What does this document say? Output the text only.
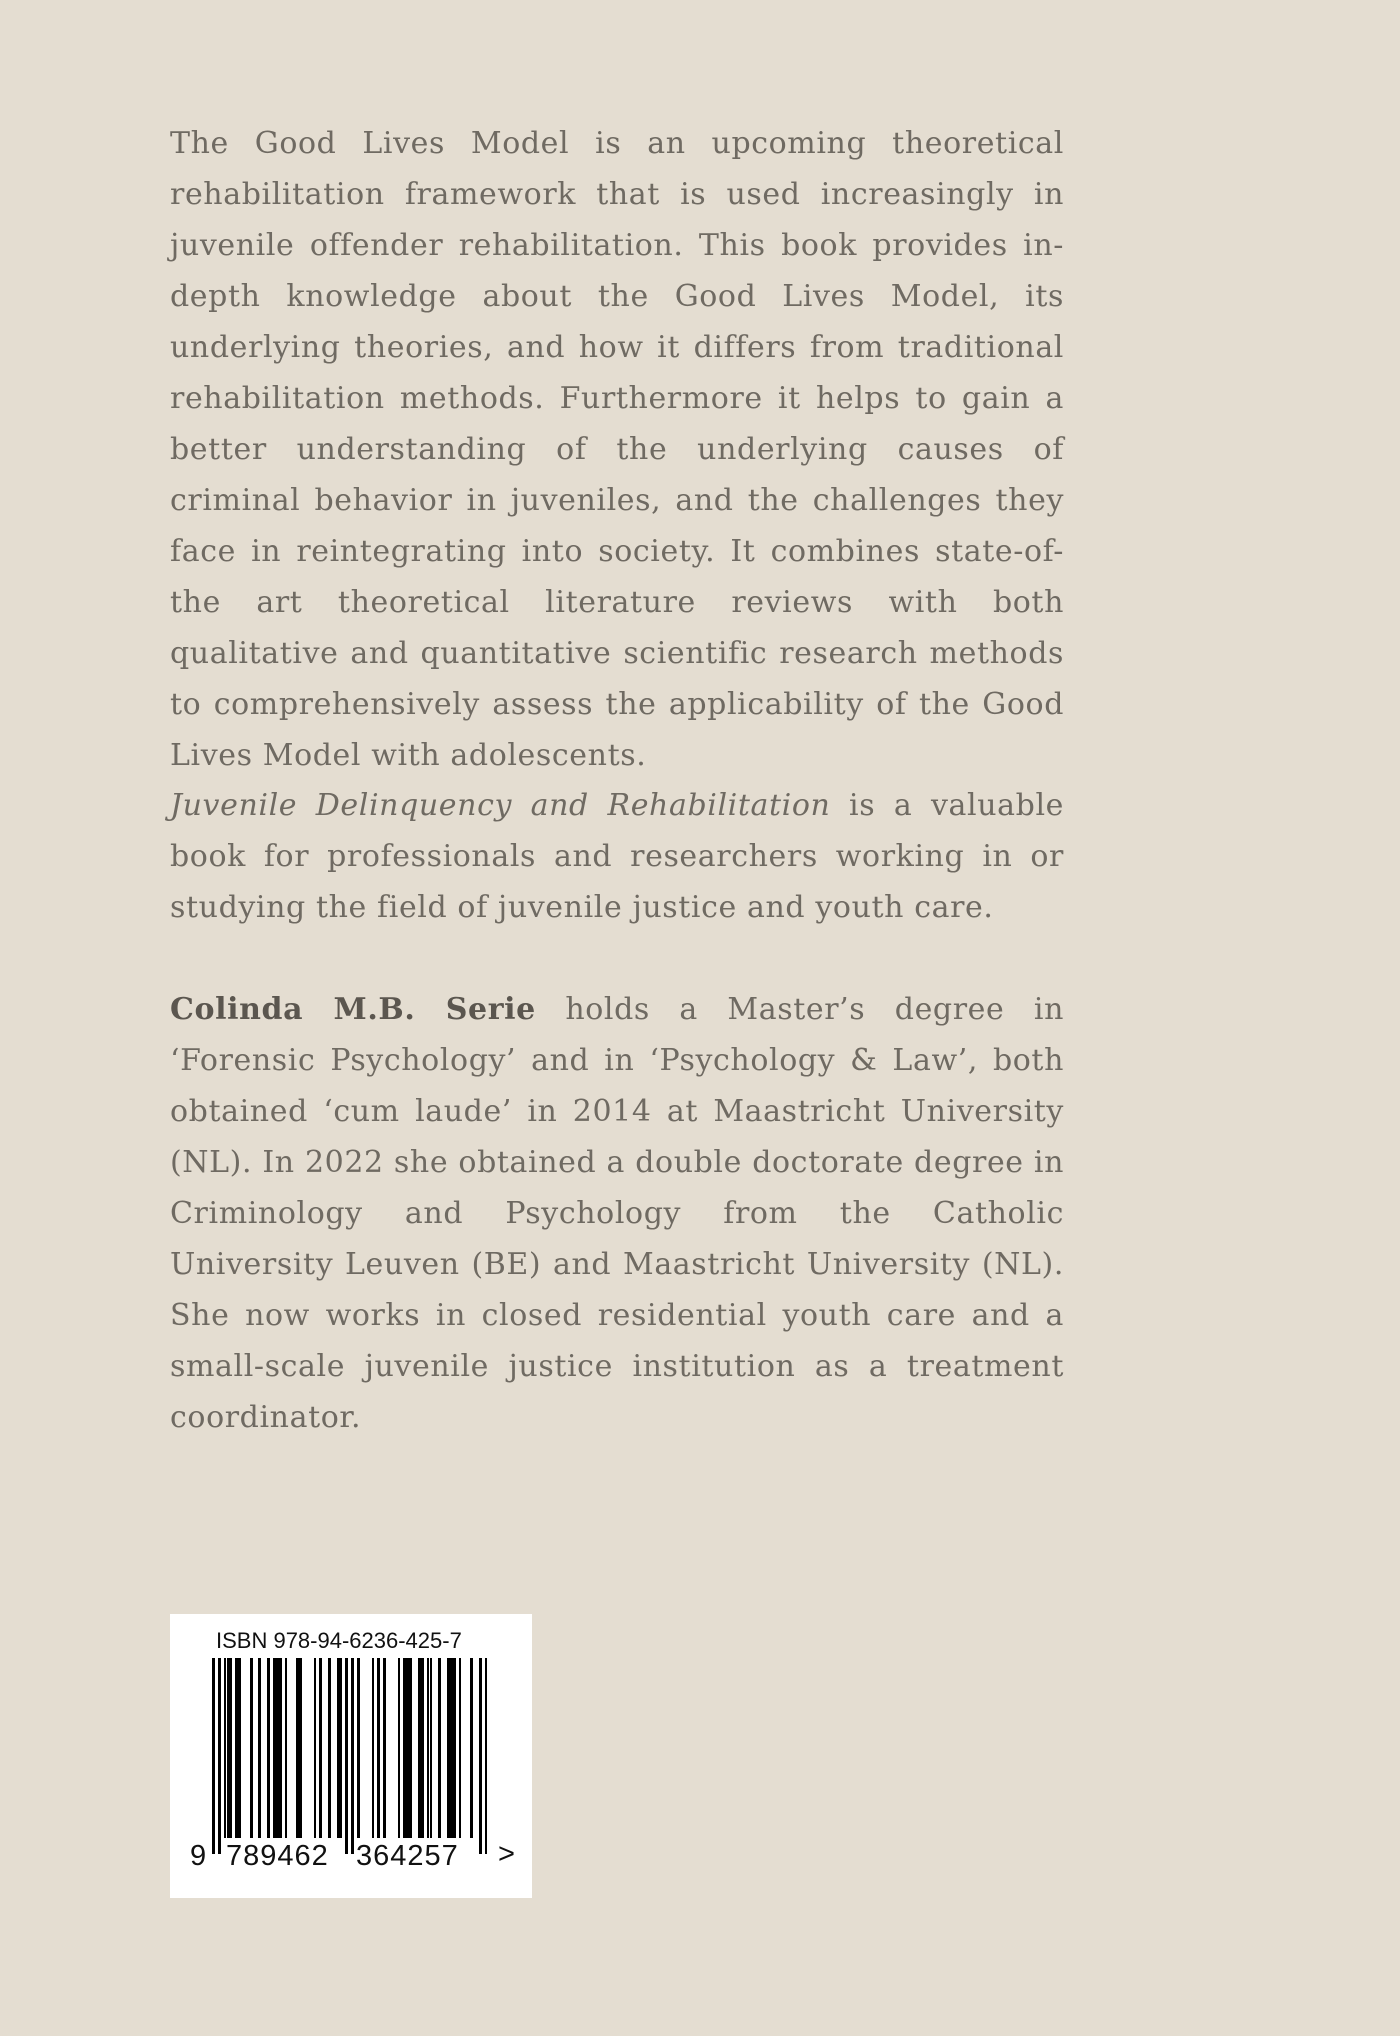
The Good Lives Model is an upcoming theoretical rehabilitation framework that is used increasingly in juvenile offender rehabilitation. This book provides in-depth knowledge about the Good Lives Model, its underlying theories, and how it differs from traditional rehabilitation methods. Furthermore it helps to gain a better understanding of the underlying causes of criminal behavior in juveniles, and the challenges they face in reintegrating into society. It combines state-of-the art theoretical literature reviews with both qualitative and quantitative scientific research methods to comprehensively assess the applicability of the Good Lives Model with adolescents.

Juvenile Delinquency and Rehabilitation is a valuable book for professionals and researchers working in or studying the field of juvenile justice and youth care.

Colinda M.B. Serie holds a Master’s degree in ‘Forensic Psychology’ and in ‘Psychology & Law’, both obtained ‘cum laude’ in 2014 at Maastricht University (NL). In 2022 she obtained a double doctorate degree in Criminology and Psychology from the Catholic University Leuven (BE) and Maastricht University (NL). She now works in closed residential youth care and a small-scale juvenile justice institution as a treatment coordinator.

ISBN 978-94-6236-425-7
9 789462 364257 >
